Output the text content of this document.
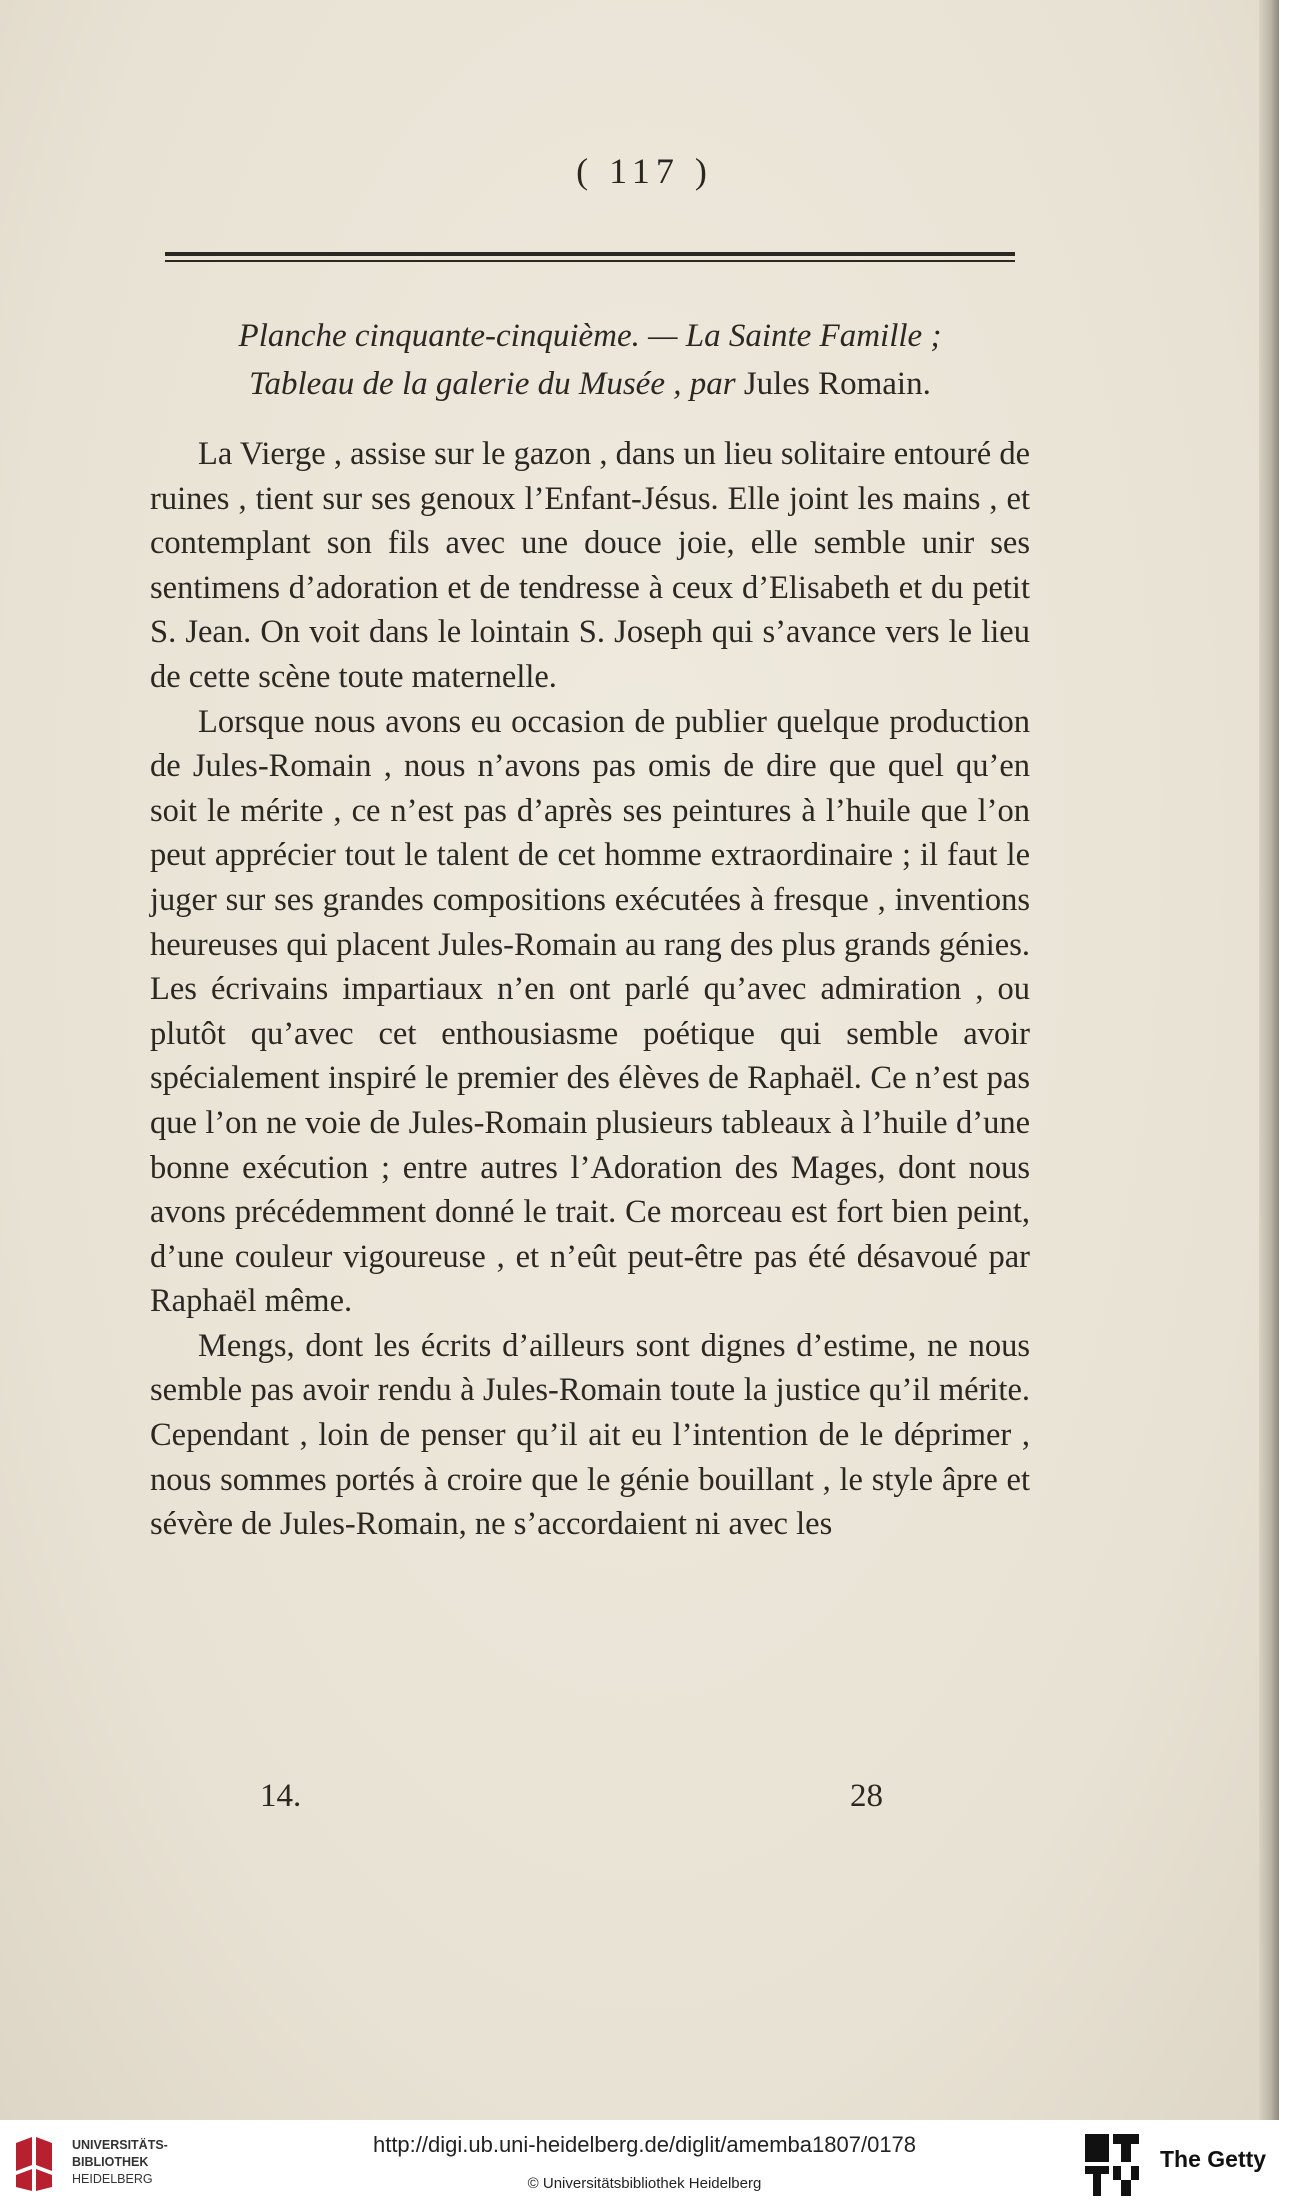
( 117 )
Planche cinquante-cinquième. — La Sainte Famille ;
Tableau de la galerie du Musée , par Jules Romain.

La Vierge , assise sur le gazon , dans un lieu solitaire entouré de ruines , tient sur ses genoux l’Enfant-Jésus. Elle joint les mains , et contemplant son fils avec une douce joie, elle semble unir ses sentimens d’adoration et de tendresse à ceux d’Elisabeth et du petit S. Jean. On voit dans le lointain S. Joseph qui s’avance vers le lieu de cette scène toute maternelle.

Lorsque nous avons eu occasion de publier quelque production de Jules-Romain , nous n’avons pas omis de dire que quel qu’en soit le mérite , ce n’est pas d’après ses peintures à l’huile que l’on peut apprécier tout le talent de cet homme extraordinaire ; il faut le juger sur ses grandes compositions exécutées à fresque , inventions heureuses qui placent Jules-Romain au rang des plus grands génies. Les écrivains impartiaux n’en ont parlé qu’avec admiration , ou plutôt qu’avec cet enthousiasme poétique qui semble avoir spécialement inspiré le premier des élèves de Raphaël. Ce n’est pas que l’on ne voie de Jules-Romain plusieurs tableaux à l’huile d’une bonne exécution ; entre autres l’Adoration des Mages, dont nous avons précédemment donné le trait. Ce morceau est fort bien peint, d’une couleur vigoureuse , et n’eût peut-être pas été désavoué par Raphaël même.

Mengs, dont les écrits d’ailleurs sont dignes d’estime, ne nous semble pas avoir rendu à Jules-Romain toute la justice qu’il mérite. Cependant , loin de penser qu’il ait eu l’intention de le déprimer , nous sommes portés à croire que le génie bouillant , le style âpre et sévère de Jules-Romain, ne s’accordaient ni avec les

14.	28
UNIVERSITÄTS-
BIBLIOTHEK

HEIDELBERG
http://digi.ub.uni-heidelberg.de/diglit/amemba1807/0178
© Universitätsbibliothek Heidelberg
The Getty
